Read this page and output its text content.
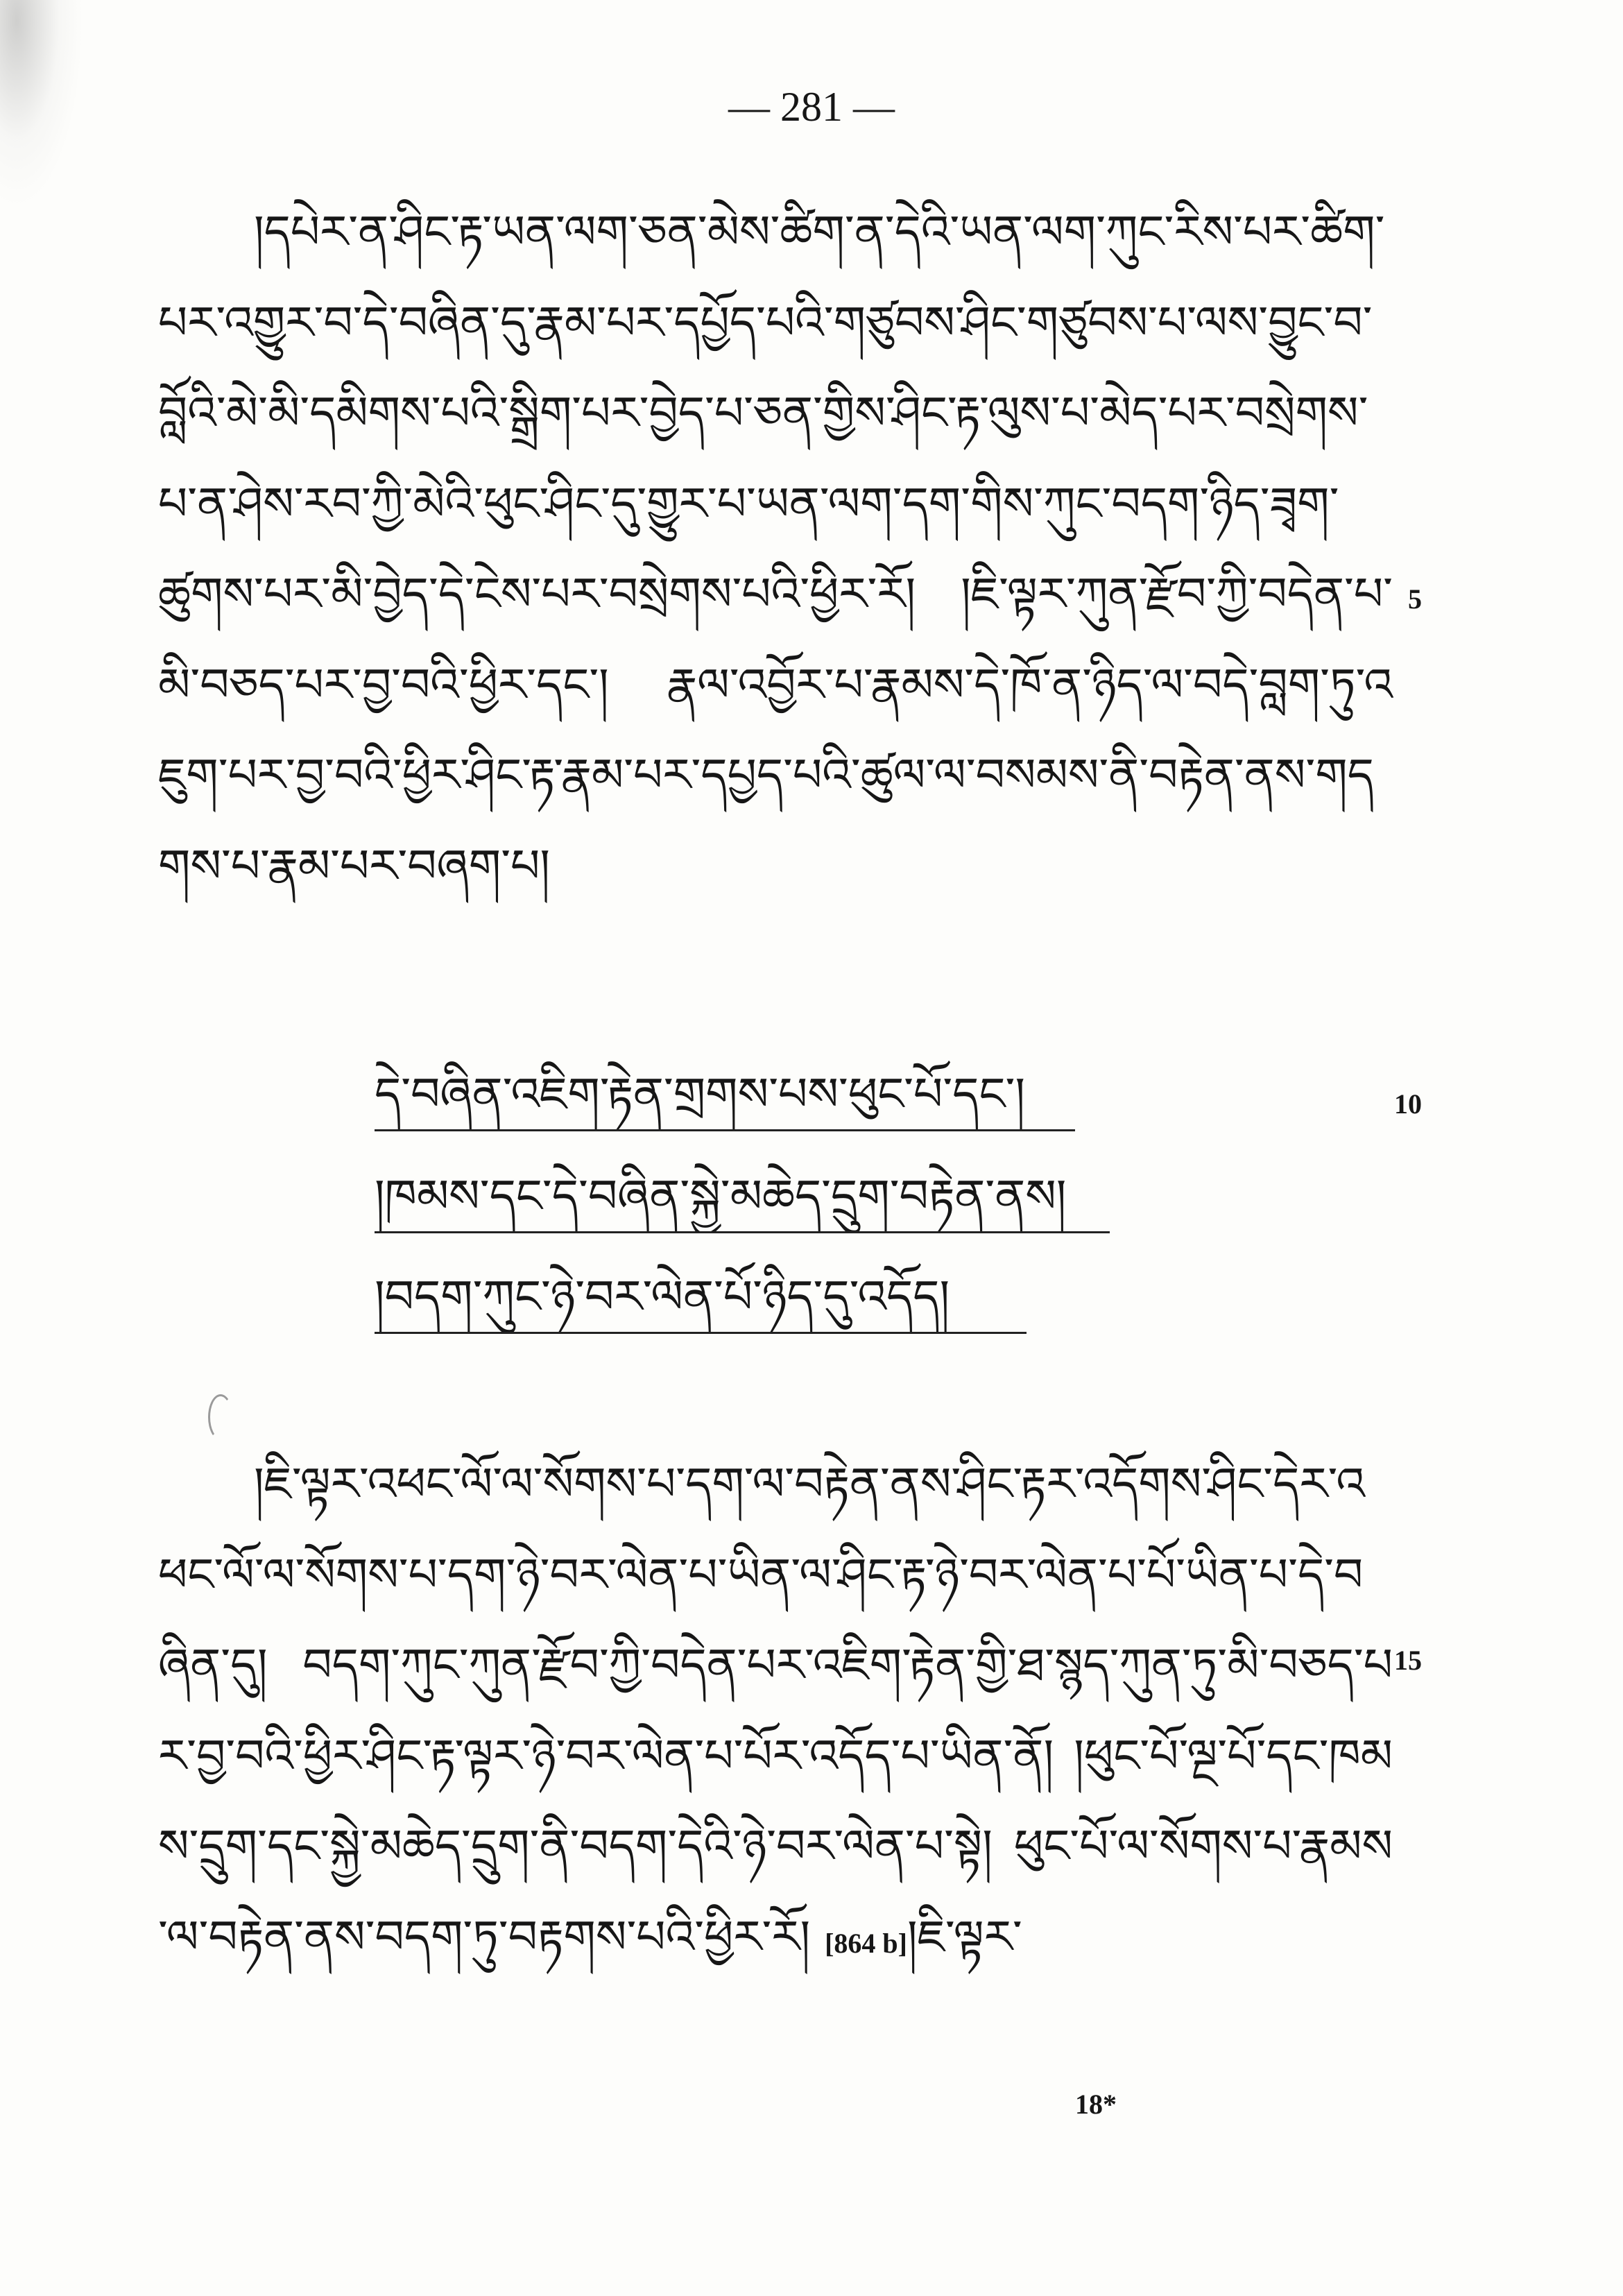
— 281 —

།དཔེར་ན་ཤིང་རྟ་ཡན་ལག་ཅན་མེས་ཚིག་ན་དེའི་ཡན་ལག་ཀུང་རིས་པར་ཚིག་པར་འགྱུར་བ་དེ་བཞིན་དུ་རྣམ་པར་དཔྱོད་པའི་གཙུབས་ཤིང་གཙུབས་པ་ལས་བྱུང་བ་བློའི་མེ་མི་དམིགས་པའི་སྒྲིག་པར་བྱེད་པ་ཅན་གྱིས་ཤིང་རྟ་ལུས་པ་མེད་པར་བསྲེགས་པ་ན་ཤེས་རབ་ཀྱི་མེའི་ཕུང་ཤིང་དུ་གྱུར་པ་ཡན་ལག་དག་གིས་ཀུང་བདག་ཉིད་ཟྭག་ཚུགས་པར་མི་བྱེད་དེ་ངེས་པར་བསྲེགས་པའི་ཕྱིར་རོ། །ཇི་ལྟར་ཀུན་རྫོབ་ཀྱི་བདེན་པ་མི་བཅད་པར་བྱ་བའི་ཕྱིར་དང་། རྣལ་འབྱོར་པ་རྣམས་དེ་ཁོ་ན་ཉིད་ལ་བདེ་བླག་ཏུ་འཇུག་པར་བྱ་བའི་ཕྱིར་ཤིང་རྟ་རྣམ་པར་དཔྱད་པའི་ཚུལ་ལ་བསམས་ནི་བརྟེན་ནས་གདགས་པ་རྣམ་པར་བཞག་པ།

5
10
དེ་བཞིན་འཇིག་རྟེན་གྲགས་པས་ཕུང་པོ་དང་།
།ཁམས་དང་དེ་བཞིན་སྐྱེ་མཆེད་དྲུག་བརྟེན་ནས།
།བདག་ཀུང་ཉེ་བར་ལེན་པོ་ཉིད་དུ་འདོད།

།ཇི་ལྟར་འཕང་ལོ་ལ་སོགས་པ་དག་ལ་བརྟེན་ནས་ཤིང་རྟར་འདོགས་ཤིང་དེར་འཕང་ལོ་ལ་སོགས་པ་དག་ཉེ་བར་ལེན་པ་ཡིན་ལ་ཤིང་རྟ་ཉེ་བར་ལེན་པ་པོ་ཡིན་པ་དེ་བཞིན་དུ། བདག་ཀུང་ཀུན་རྫོབ་ཀྱི་བདེན་པར་འཇིག་རྟེན་གྱི་ཐ་སྙད་ཀུན་ཏུ་མི་བཅད་པར་བྱ་བའི་ཕྱིར་ཤིང་རྟ་ལྟར་ཉེ་བར་ལེན་པ་པོར་འདོད་པ་ཡིན་ནོ། །ཕུང་པོ་ལྔ་པོ་དང་ཁམས་དྲུག་དང་སྐྱེ་མཆེད་དྲུག་ནི་བདག་དེའི་ཉེ་བར་ལེན་པ་སྟེ། ཕུང་པོ་ལ་སོགས་པ་རྣམས་ལ་བརྟེན་ནས་བདག་ཏུ་བརྟགས་པའི་ཕྱིར་རོ། [864 b]།ཇི་ལྟར་

15
18*
